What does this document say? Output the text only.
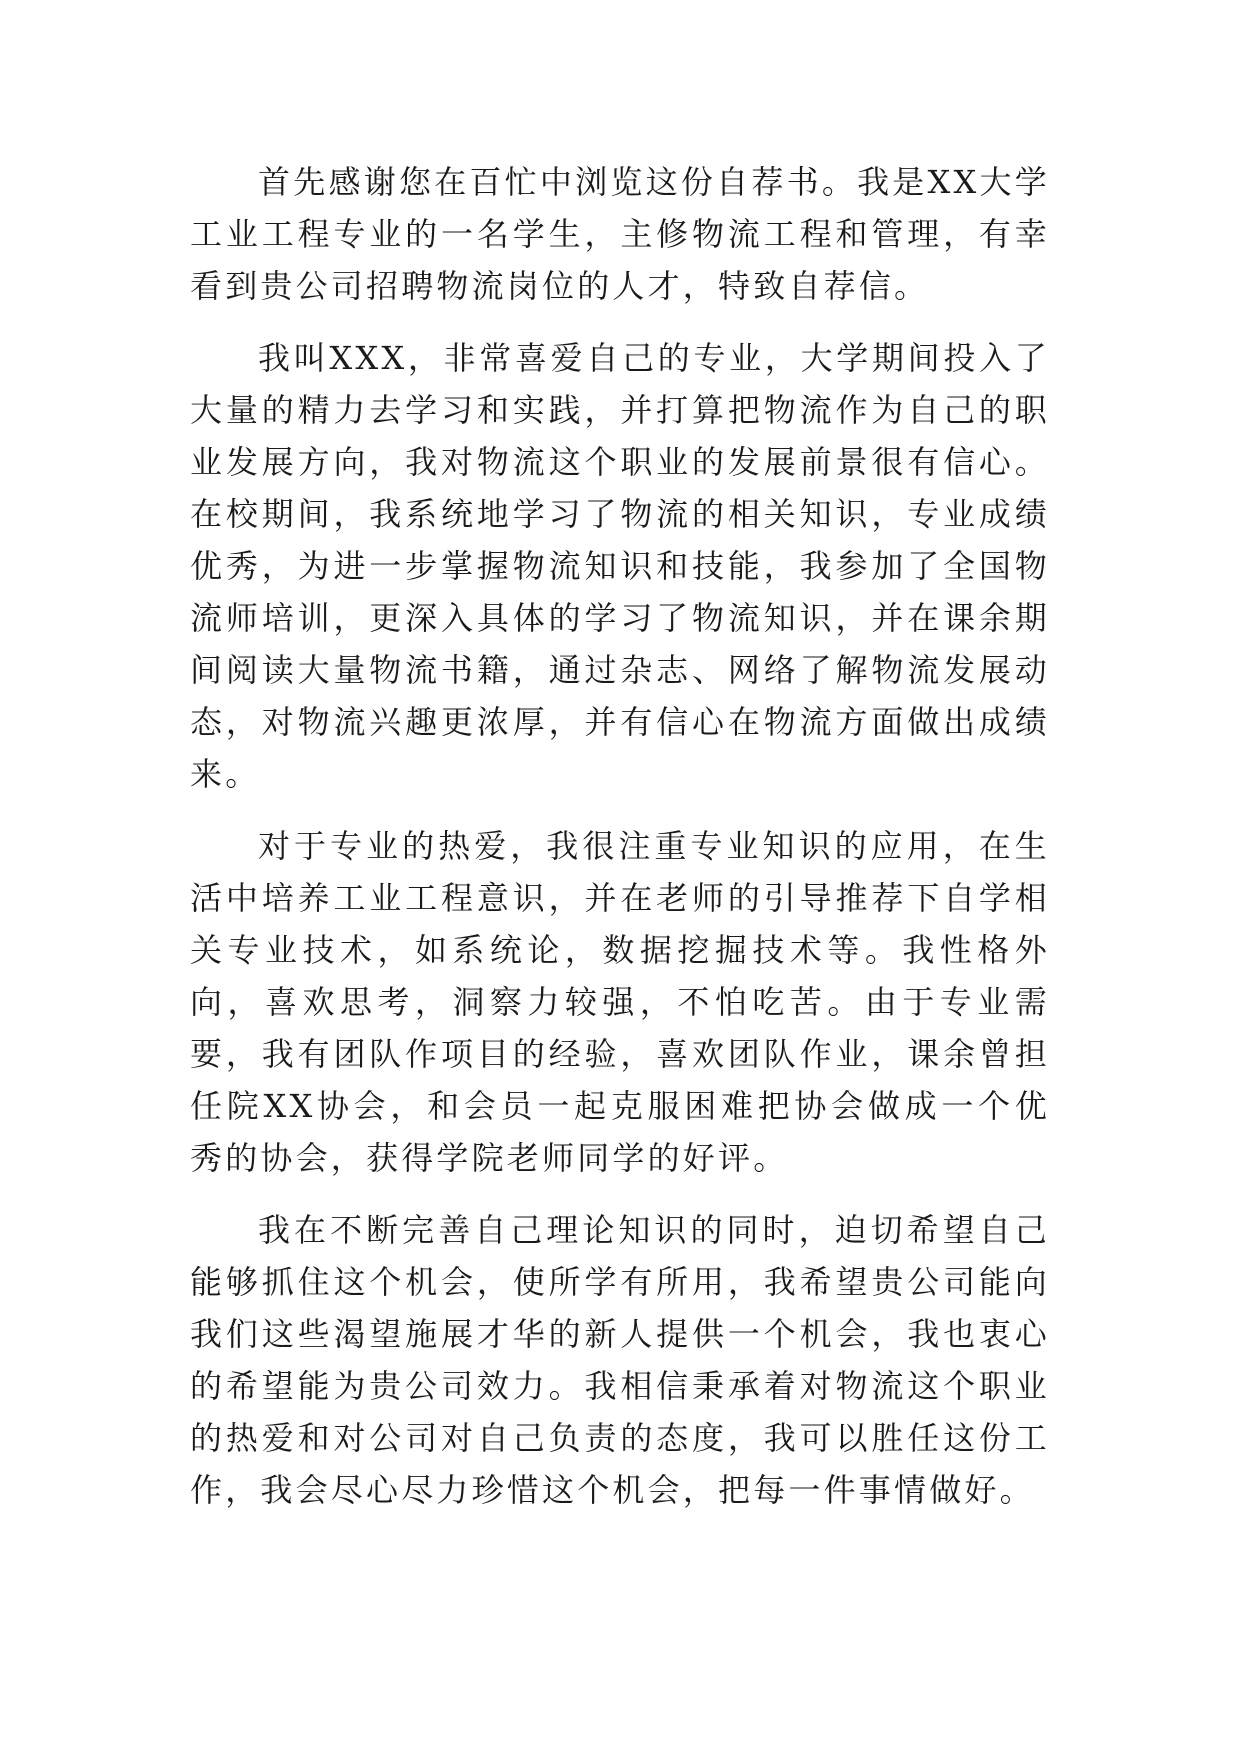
首先感谢您在百忙中浏览这份自荐书。我是XX大学工业工程专业的一名学生，主修物流工程和管理，有幸看到贵公司招聘物流岗位的人才，特致自荐信。

我叫XXX，非常喜爱自己的专业，大学期间投入了大量的精力去学习和实践，并打算把物流作为自己的职业发展方向，我对物流这个职业的发展前景很有信心。在校期间，我系统地学习了物流的相关知识，专业成绩优秀，为进一步掌握物流知识和技能，我参加了全国物流师培训，更深入具体的学习了物流知识，并在课余期间阅读大量物流书籍，通过杂志、网络了解物流发展动态，对物流兴趣更浓厚，并有信心在物流方面做出成绩来。

对于专业的热爱，我很注重专业知识的应用，在生活中培养工业工程意识，并在老师的引导推荐下自学相关专业技术，如系统论，数据挖掘技术等。我性格外向，喜欢思考，洞察力较强，不怕吃苦。由于专业需要，我有团队作项目的经验，喜欢团队作业，课余曾担任院XX协会，和会员一起克服困难把协会做成一个优秀的协会，获得学院老师同学的好评。

我在不断完善自己理论知识的同时，迫切希望自己能够抓住这个机会，使所学有所用，我希望贵公司能向我们这些渴望施展才华的新人提供一个机会，我也衷心的希望能为贵公司效力。我相信秉承着对物流这个职业的热爱和对公司对自己负责的态度，我可以胜任这份工作，我会尽心尽力珍惜这个机会，把每一件事情做好。
